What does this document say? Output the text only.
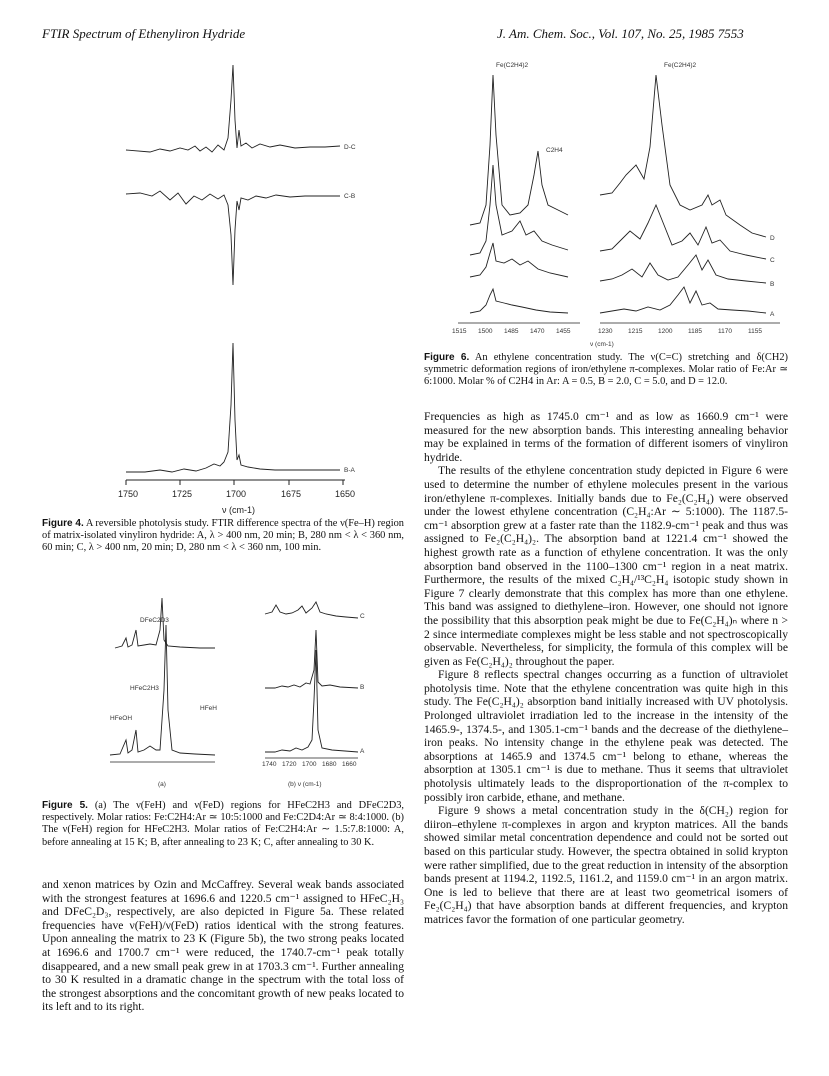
FTIR Spectrum of Ethenyliron Hydride	J. Am. Chem. Soc., Vol. 107, No. 25, 1985 7553
D-C
C-B
B-A
1750	1725	1700	1675	1650
ν (cm-1)
Figure 4. A reversible photolysis study. FTIR difference spectra of the ν(Fe–H) region of matrix-isolated vinyliron hydride: A, λ > 400 nm, 20 min; B, 280 nm < λ < 360 nm, 60 min; C, λ > 400 nm, 20 min; D, 280 nm < λ < 360 nm, 100 min.
DFeC2D3
HFeC2H3
HFeOH
HFeH
(a)
C
B
A
1740 1720 1700 1680 1660
(b) ν (cm-1)
Figure 5. (a) The ν(FeH) and ν(FeD) regions for HFeC2H3 and DFeC2D3, respectively. Molar ratios: Fe:C2H4:Ar ≃ 10:5:1000 and Fe:C2D4:Ar ≃ 8:4:1000. (b) The ν(FeH) region for HFeC2H3. Molar ratios of Fe:C2H4:Ar ∼ 1.5:7.8:1000: A, before annealing at 15 K; B, after annealing to 23 K; C, after annealing to 30 K.

and xenon matrices by Ozin and McCaffrey. Several weak bands associated with the strongest features at 1696.6 and 1220.5 cm⁻¹ assigned to HFeC₂H₃ and DFeC₂D₃, respectively, are also depicted in Figure 5a. These related frequencies have ν(FeH)/ν(FeD) ratios identical with the strong features. Upon annealing the matrix to 23 K (Figure 5b), the two strong peaks located at 1696.6 and 1700.7 cm⁻¹ were reduced, the 1740.7-cm⁻¹ peak totally disappeared, and a new small peak grew in at 1703.3 cm⁻¹. Further annealing to 30 K resulted in a dramatic change in the spectrum with the total loss of the strongest absorptions and the concomitant growth of new peaks located to its left and to its right.

Fe(C2H4)2	Fe(C2H4)2
C2H4
D
C
B
A
1515 1500 1485 1470 1455	1230 1215 1200 1185 1170 1155
ν (cm-1)
Figure 6. An ethylene concentration study. The ν(C=C) stretching and δ(CH2) symmetric deformation regions of iron/ethylene π-complexes. Molar ratio of Fe:Ar ≃ 6:1000. Molar % of C2H4 in Ar: A = 0.5, B = 2.0, C = 5.0, and D = 12.0.

Frequencies as high as 1745.0 cm⁻¹ and as low as 1660.9 cm⁻¹ were measured for the new absorption bands. This interesting annealing behavior may be explained in terms of the formation of different isomers of vinyliron hydride.

The results of the ethylene concentration study depicted in Figure 6 were used to determine the number of ethylene molecules present in the various iron/ethylene π-complexes. Initially bands due to Fe₂(C₂H₄) were observed under the lowest ethylene concentration (C₂H₄:Ar ∼ 5:1000). The 1187.5-cm⁻¹ absorption grew at a faster rate than the 1182.9-cm⁻¹ peak and thus was assigned to Fe₂(C₂H₄)₂. The absorption band at 1221.4 cm⁻¹ showed the highest growth rate as a function of ethylene concentration. It was the only absorption band observed in the 1100–1300 cm⁻¹ region in a neat matrix. Furthermore, the results of the mixed C₂H₄/¹³C₂H₄ isotopic study shown in Figure 7 clearly demonstrate that this complex has more than one ethylene. This band was assigned to diethylene–iron. However, one should not ignore the possibility that this absorption peak might be due to Fe(C₂H₄)ₙ where n > 2 since intermediate complexes might be less stable and not spectroscopically observable. Nevertheless, for simplicity, the formula of this complex will be given as Fe(C₂H₄)₂ throughout the paper.

Figure 8 reflects spectral changes occurring as a function of ultraviolet photolysis time. Note that the ethylene concentration was quite high in this study. The Fe(C₂H₄)₂ absorption band initially increased with UV photolysis. Prolonged ultraviolet irradiation led to the increase in the intensity of the 1465.9-, 1374.5-, and 1305.1-cm⁻¹ bands and the decrease of the diethylene–iron peaks. No intensity change in the ethylene peak was detected. The absorptions at 1465.9 and 1374.5 cm⁻¹ belong to ethane, whereas the absorption at 1305.1 cm⁻¹ is due to methane. Thus it seems that ultraviolet photolysis ultimately leads to the disproportionation of the π-complex to possibly iron carbide, ethane, and methane.

Figure 9 shows a metal concentration study in the δ(CH₂) region for diiron–ethylene π-complexes in argon and krypton matrices. All the bands showed similar metal concentration dependence and could not be sorted out based on this particular study. However, the spectra obtained in solid krypton were rather simplified, due to the great reduction in intensity of the absorption bands present at 1194.2, 1192.5, 1161.2, and 1159.0 cm⁻¹ in an argon matrix. One is led to believe that there are at least two geometrical isomers of Fe₂(C₂H₄) that have absorption bands at different frequencies, and krypton matrices favor the formation of one particular geometry.
